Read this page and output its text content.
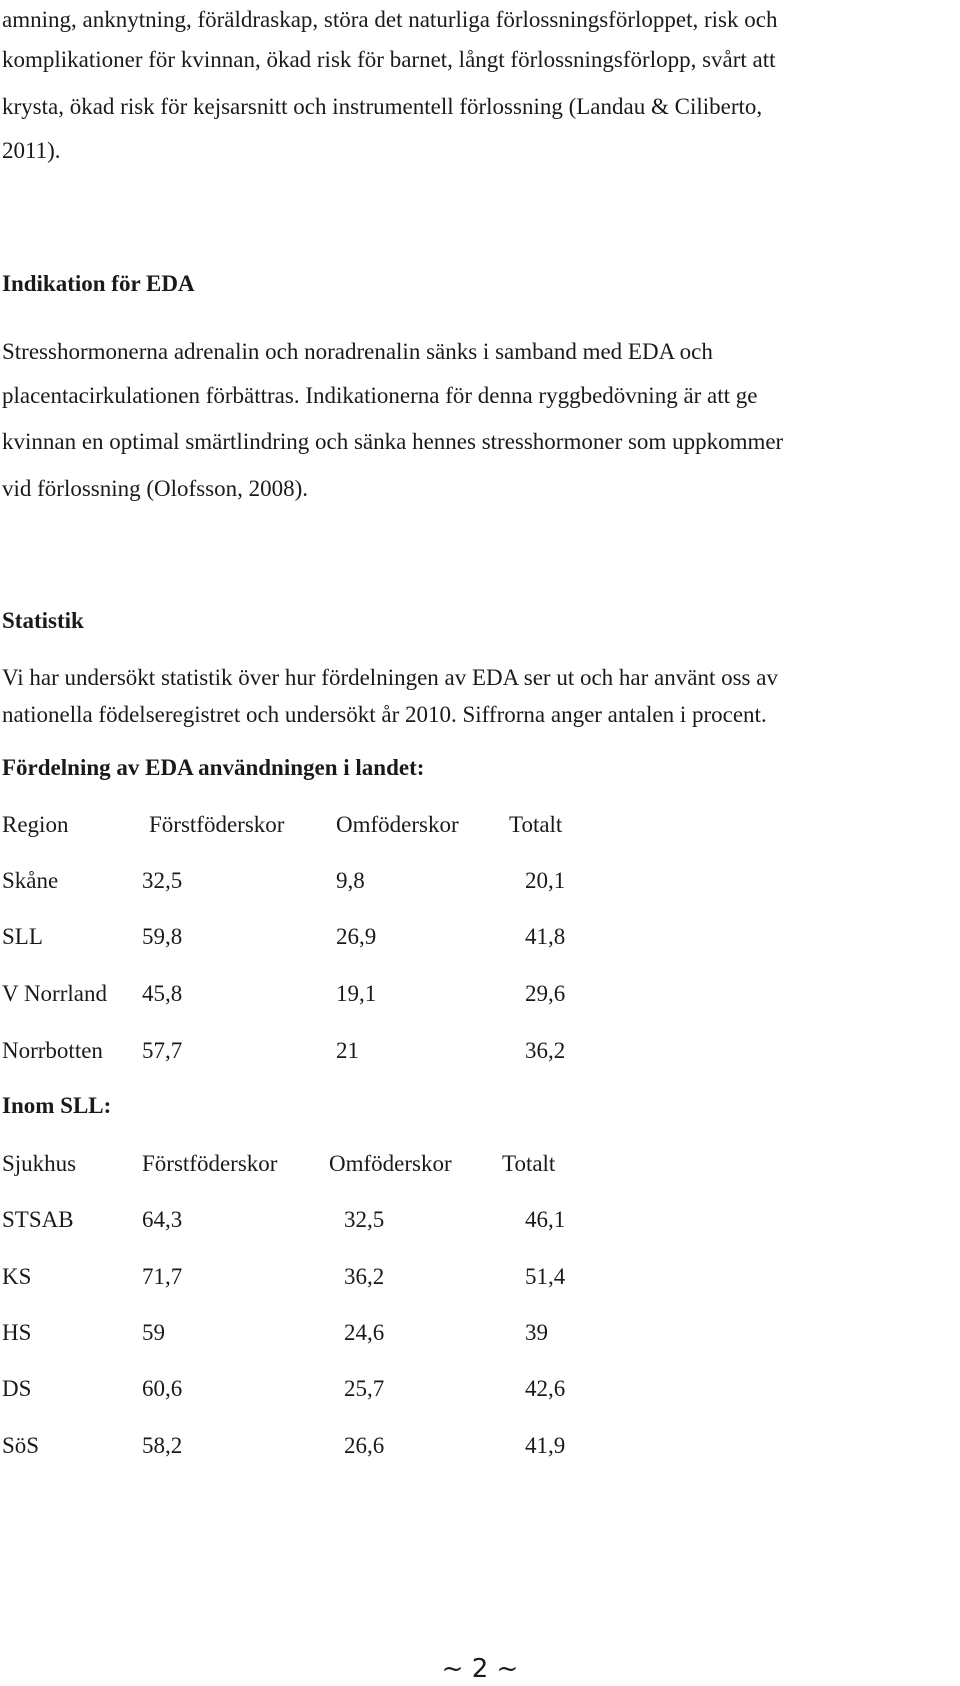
amning, anknytning, föräldraskap, störa det naturliga förlossningsförloppet, risk och
komplikationer för kvinnan, ökad risk för barnet, långt förlossningsförlopp, svårt att
krysta, ökad risk för kejsarsnitt och instrumentell förlossning (Landau & Ciliberto,
2011).
Indikation för EDA
Stresshormonerna adrenalin och noradrenalin sänks i samband med EDA och
placentacirkulationen förbättras. Indikationerna för denna ryggbedövning är att ge
kvinnan en optimal smärtlindring och sänka hennes stresshormoner som uppkommer
vid förlossning (Olofsson, 2008).
Statistik
Vi har undersökt statistik över hur fördelningen av EDA ser ut och har använt oss av
nationella födelseregistret och undersökt år 2010. Siffrorna anger antalen i procent.
Fördelning av EDA användningen i landet:
Region	Förstföderskor Omföderskor Totalt
Skåne	32,5	9,8	20,1
SLL	59,8	26,9	41,8
V Norrland 45,8	19,1	29,6
Norrbotten 57,7	21	36,2
Inom SLL:
Sjukhus	Förstföderskor Omföderskor Totalt
STSAB	64,3	32,5	46,1
KS	71,7	36,2	51,4
HS	59	24,6	39
DS	60,6	25,7	42,6
SöS	58,2	26,6	41,9
~ 2 ~
